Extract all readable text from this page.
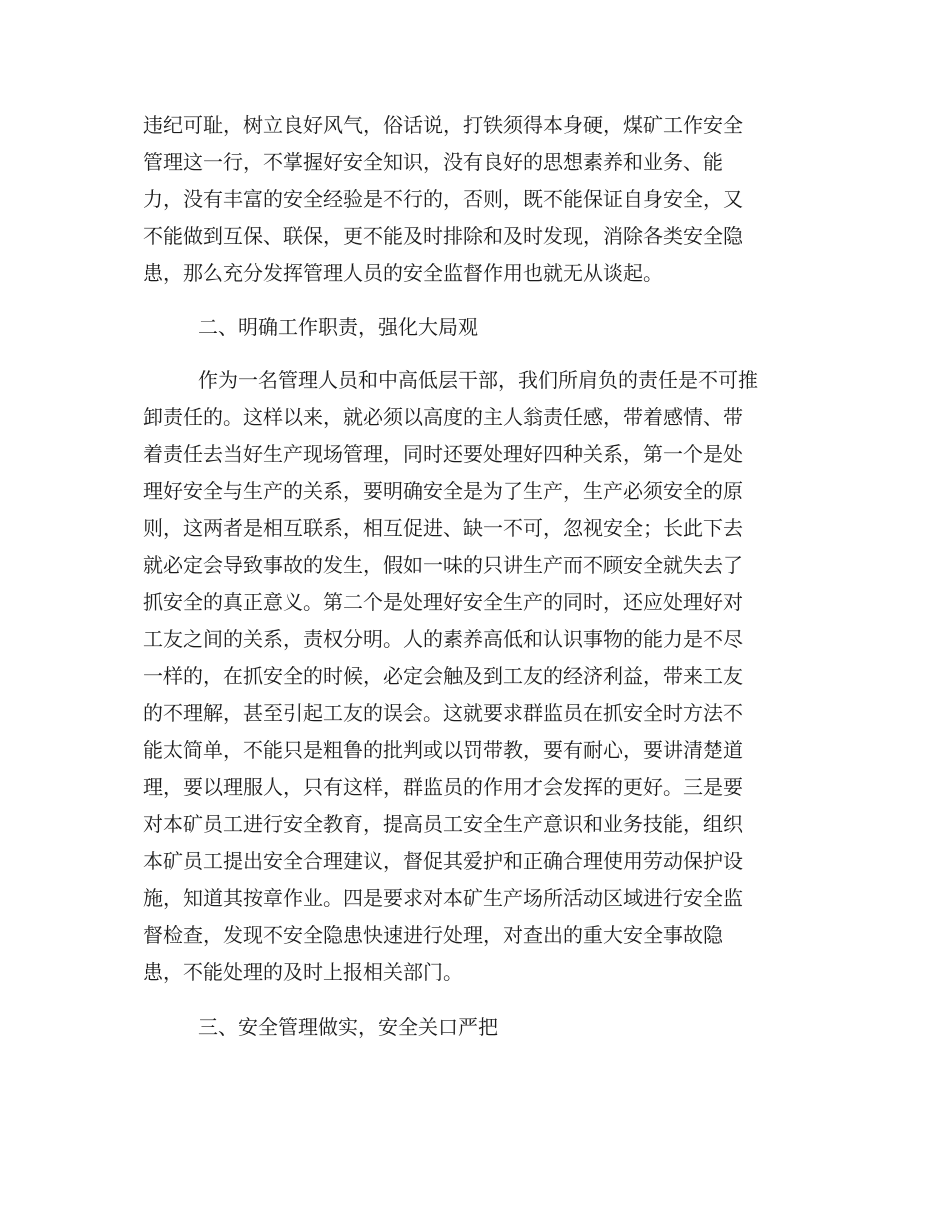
违纪可耻，树立良好风气，俗话说，打铁须得本身硬，煤矿工作安全
管理这一行，不掌握好安全知识，没有良好的思想素养和业务、能
力，没有丰富的安全经验是不行的，否则，既不能保证自身安全，又
不能做到互保、联保，更不能及时排除和及时发现，消除各类安全隐
患，那么充分发挥管理人员的安全监督作用也就无从谈起。
二、明确工作职责，强化大局观
作为一名管理人员和中高低层干部，我们所肩负的责任是不可推
卸责任的。这样以来，就必须以高度的主人翁责任感，带着感情、带
着责任去当好生产现场管理，同时还要处理好四种关系，第一个是处
理好安全与生产的关系，要明确安全是为了生产，生产必须安全的原
则，这两者是相互联系，相互促进、缺一不可，忽视安全；长此下去
就必定会导致事故的发生，假如一味的只讲生产而不顾安全就失去了
抓安全的真正意义。第二个是处理好安全生产的同时，还应处理好对
工友之间的关系，责权分明。人的素养高低和认识事物的能力是不尽
一样的，在抓安全的时候，必定会触及到工友的经济利益，带来工友
的不理解，甚至引起工友的误会。这就要求群监员在抓安全时方法不
能太简单，不能只是粗鲁的批判或以罚带教，要有耐心，要讲清楚道
理，要以理服人，只有这样，群监员的作用才会发挥的更好。三是要
对本矿员工进行安全教育，提高员工安全生产意识和业务技能，组织
本矿员工提出安全合理建议，督促其爱护和正确合理使用劳动保护设
施，知道其按章作业。四是要求对本矿生产场所活动区域进行安全监
督检查，发现不安全隐患快速进行处理，对查出的重大安全事故隐
患，不能处理的及时上报相关部门。
三、安全管理做实，安全关口严把
